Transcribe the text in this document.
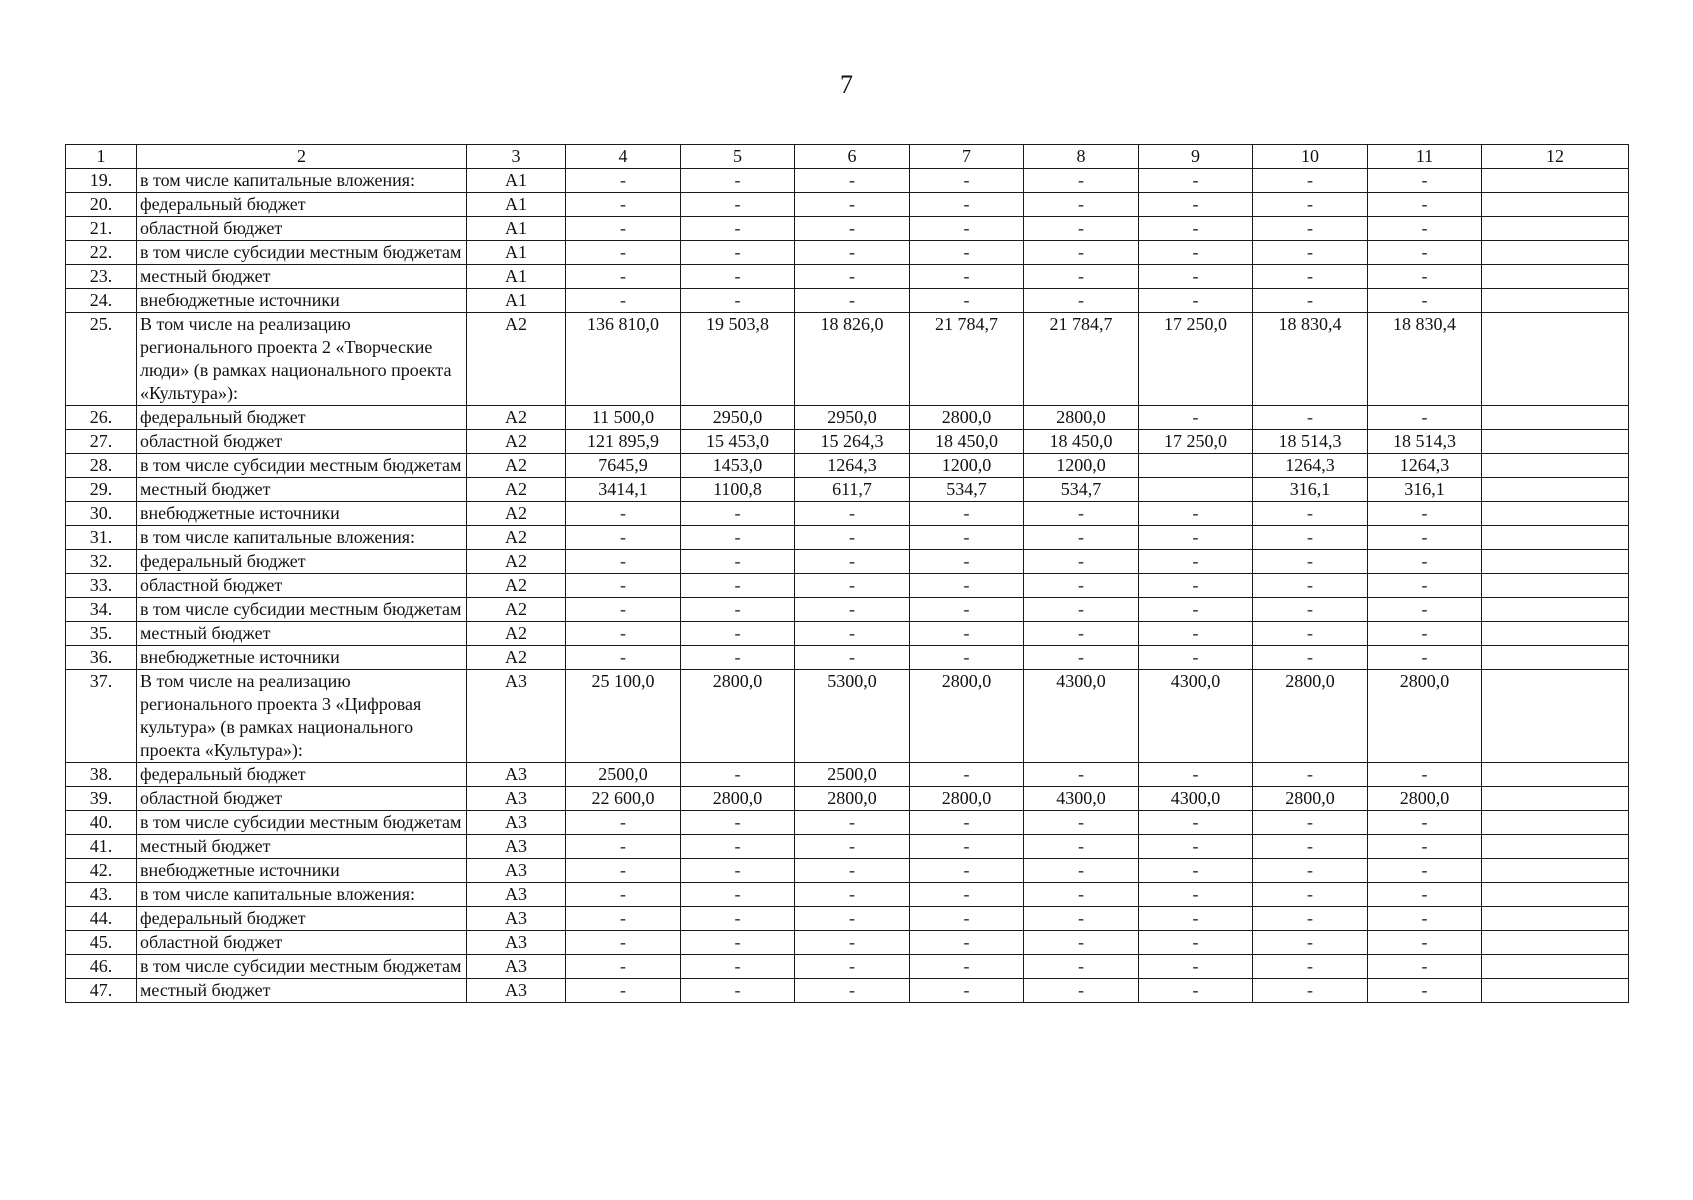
7
1	2	3	4	5	6	7	8	9	10	11	12
19.	в том числе капитальные вложения:	А1	-	-	-	-	-	-	-	-	
20.	федеральный бюджет	А1	-	-	-	-	-	-	-	-	
21.	областной бюджет	А1	-	-	-	-	-	-	-	-	
22.	в том числе субсидии местным бюджетам	А1	-	-	-	-	-	-	-	-	
23.	местный бюджет	А1	-	-	-	-	-	-	-	-	
24.	внебюджетные источники	А1	-	-	-	-	-	-	-	-	
25.	В том числе на реализацию регионального проекта 2 «Творческие люди» (в рамках национального проекта «Культура»):	А2	136 810,0	19 503,8	18 826,0	21 784,7	21 784,7	17 250,0	18 830,4	18 830,4	
26.	федеральный бюджет	А2	11 500,0	2950,0	2950,0	2800,0	2800,0	-	-	-	
27.	областной бюджет	А2	121 895,9	15 453,0	15 264,3	18 450,0	18 450,0	17 250,0	18 514,3	18 514,3	
28.	в том числе субсидии местным бюджетам	А2	7645,9	1453,0	1264,3	1200,0	1200,0		1264,3	1264,3	
29.	местный бюджет	А2	3414,1	1100,8	611,7	534,7	534,7		316,1	316,1	
30.	внебюджетные источники	А2	-	-	-	-	-	-	-	-	
31.	в том числе капитальные вложения:	А2	-	-	-	-	-	-	-	-	
32.	федеральный бюджет	А2	-	-	-	-	-	-	-	-	
33.	областной бюджет	А2	-	-	-	-	-	-	-	-	
34.	в том числе субсидии местным бюджетам	А2	-	-	-	-	-	-	-	-	
35.	местный бюджет	А2	-	-	-	-	-	-	-	-	
36.	внебюджетные источники	А2	-	-	-	-	-	-	-	-	
37.	В том числе на реализацию регионального проекта 3 «Цифровая культура» (в рамках национального проекта «Культура»):	А3	25 100,0	2800,0	5300,0	2800,0	4300,0	4300,0	2800,0	2800,0	
38.	федеральный бюджет	А3	2500,0	-	2500,0	-	-	-	-	-	
39.	областной бюджет	А3	22 600,0	2800,0	2800,0	2800,0	4300,0	4300,0	2800,0	2800,0	
40.	в том числе субсидии местным бюджетам	А3	-	-	-	-	-	-	-	-	
41.	местный бюджет	А3	-	-	-	-	-	-	-	-	
42.	внебюджетные источники	А3	-	-	-	-	-	-	-	-	
43.	в том числе капитальные вложения:	А3	-	-	-	-	-	-	-	-	
44.	федеральный бюджет	А3	-	-	-	-	-	-	-	-	
45.	областной бюджет	А3	-	-	-	-	-	-	-	-	
46.	в том числе субсидии местным бюджетам	А3	-	-	-	-	-	-	-	-	
47.	местный бюджет	А3	-	-	-	-	-	-	-	-	
